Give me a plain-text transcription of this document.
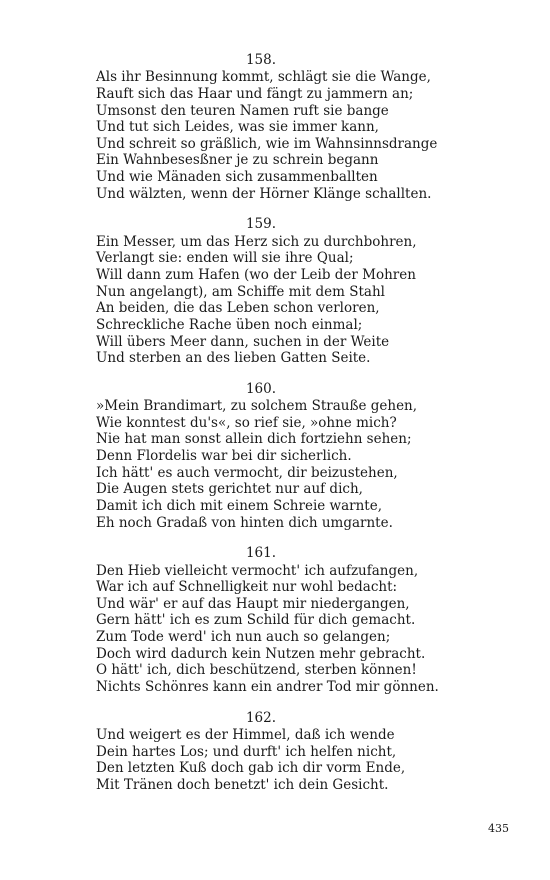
158.
Als ihr Besinnung kommt, schlägt sie die Wange,
Rauft sich das Haar und fängt zu jammern an;
Umsonst den teuren Namen ruft sie bange
Und tut sich Leides, was sie immer kann,
Und schreit so gräßlich, wie im Wahnsinnsdrange
Ein Wahnbesesßner je zu schrein begann
Und wie Mänaden sich zusammenballten
Und wälzten, wenn der Hörner Klänge schallten.
159.
Ein Messer, um das Herz sich zu durchbohren,
Verlangt sie: enden will sie ihre Qual;
Will dann zum Hafen (wo der Leib der Mohren
Nun angelangt), am Schiffe mit dem Stahl
An beiden, die das Leben schon verloren,
Schreckliche Rache üben noch einmal;
Will übers Meer dann, suchen in der Weite
Und sterben an des lieben Gatten Seite.
160.
»Mein Brandimart, zu solchem Strauße gehen,
Wie konntest du's«, so rief sie, »ohne mich?
Nie hat man sonst allein dich fortziehn sehen;
Denn Flordelis war bei dir sicherlich.
Ich hätt' es auch vermocht, dir beizustehen,
Die Augen stets gerichtet nur auf dich,
Damit ich dich mit einem Schreie warnte,
Eh noch Gradaß von hinten dich umgarnte.
161.
Den Hieb vielleicht vermocht' ich aufzufangen,
War ich auf Schnelligkeit nur wohl bedacht:
Und wär' er auf das Haupt mir niedergangen,
Gern hätt' ich es zum Schild für dich gemacht.
Zum Tode werd' ich nun auch so gelangen;
Doch wird dadurch kein Nutzen mehr gebracht.
O hätt' ich, dich beschützend, sterben können!
Nichts Schönres kann ein andrer Tod mir gönnen.
162.
Und weigert es der Himmel, daß ich wende
Dein hartes Los; und durft' ich helfen nicht,
Den letzten Kuß doch gab ich dir vorm Ende,
Mit Tränen doch benetzt' ich dein Gesicht.
435
